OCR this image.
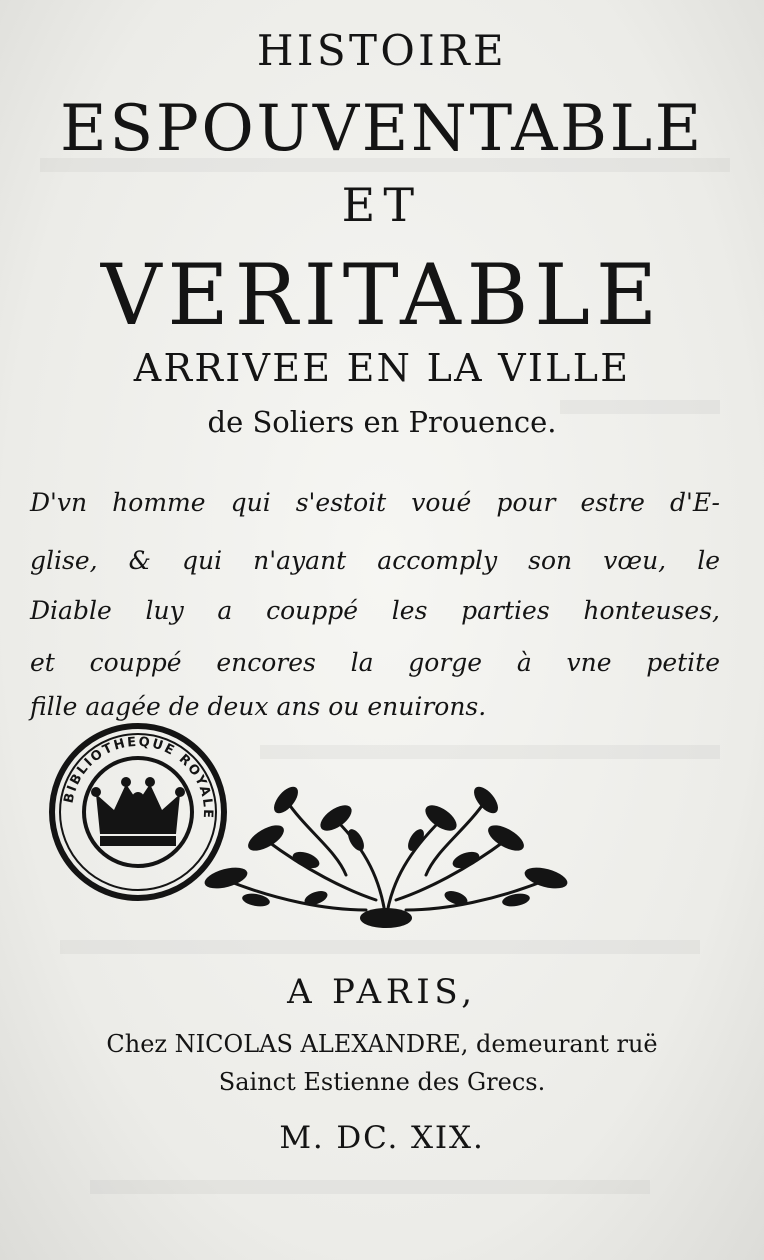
HISTOIRE
ESPOUVENTABLE
ET
VERITABLE
ARRIVEE EN LA VILLE
de Soliers en Prouence.
D'vn homme qui s'estoit voué pour estre d'E-
glise, & qui n'ayant accomply son vœu, le
Diable luy a couppé les parties honteuses,
et couppé encores la gorge à vne petite
fille aagée de deux ans ou enuirons.
BIBLIOTHEQUE ROYALE
A PARIS,
Chez NICOLAS ALEXANDRE, demeurant ruë
Sainct Estienne des Grecs.
M. DC. XIX.
